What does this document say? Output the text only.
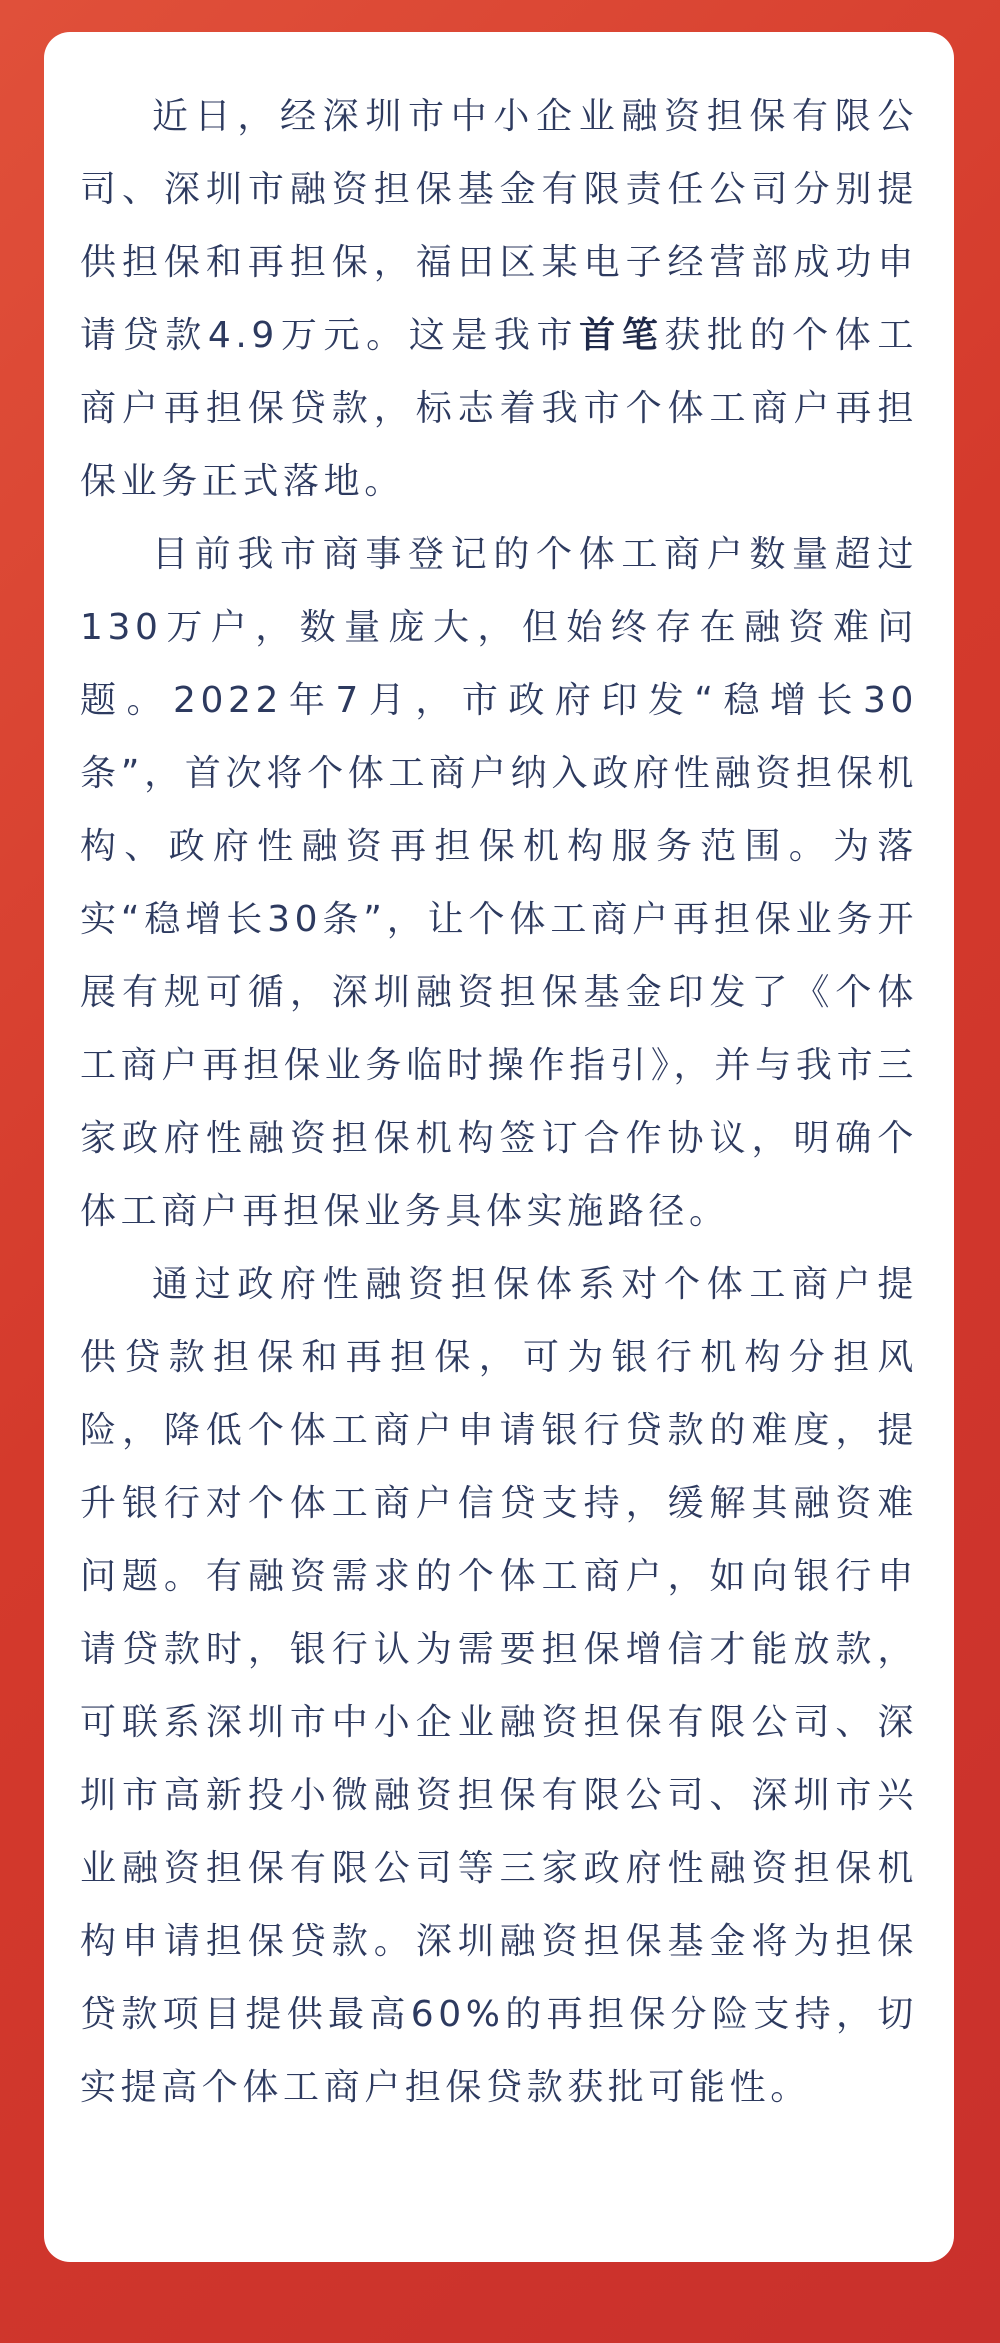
近日，经深圳市中小企业融资担保有限公司、深圳市融资担保基金有限责任公司分别提供担保和再担保，福田区某电子经营部成功申请贷款4.9万元。这是我市首笔获批的个体工商户再担保贷款，标志着我市个体工商户再担保业务正式落地。

目前我市商事登记的个体工商户数量超过130万户，数量庞大，但始终存在融资难问题。2022年7月，市政府印发“稳增长30条”，首次将个体工商户纳入政府性融资担保机构、政府性融资再担保机构服务范围。为落实“稳增长30条”，让个体工商户再担保业务开展有规可循，深圳融资担保基金印发了《个体工商户再担保业务临时操作指引》，并与我市三家政府性融资担保机构签订合作协议，明确个体工商户再担保业务具体实施路径。

通过政府性融资担保体系对个体工商户提供贷款担保和再担保，可为银行机构分担风险，降低个体工商户申请银行贷款的难度，提升银行对个体工商户信贷支持，缓解其融资难问题。有融资需求的个体工商户，如向银行申请贷款时，银行认为需要担保增信才能放款，可联系深圳市中小企业融资担保有限公司、深圳市高新投小微融资担保有限公司、深圳市兴业融资担保有限公司等三家政府性融资担保机构申请担保贷款。深圳融资担保基金将为担保贷款项目提供最高60%的再担保分险支持，切实提高个体工商户担保贷款获批可能性。
